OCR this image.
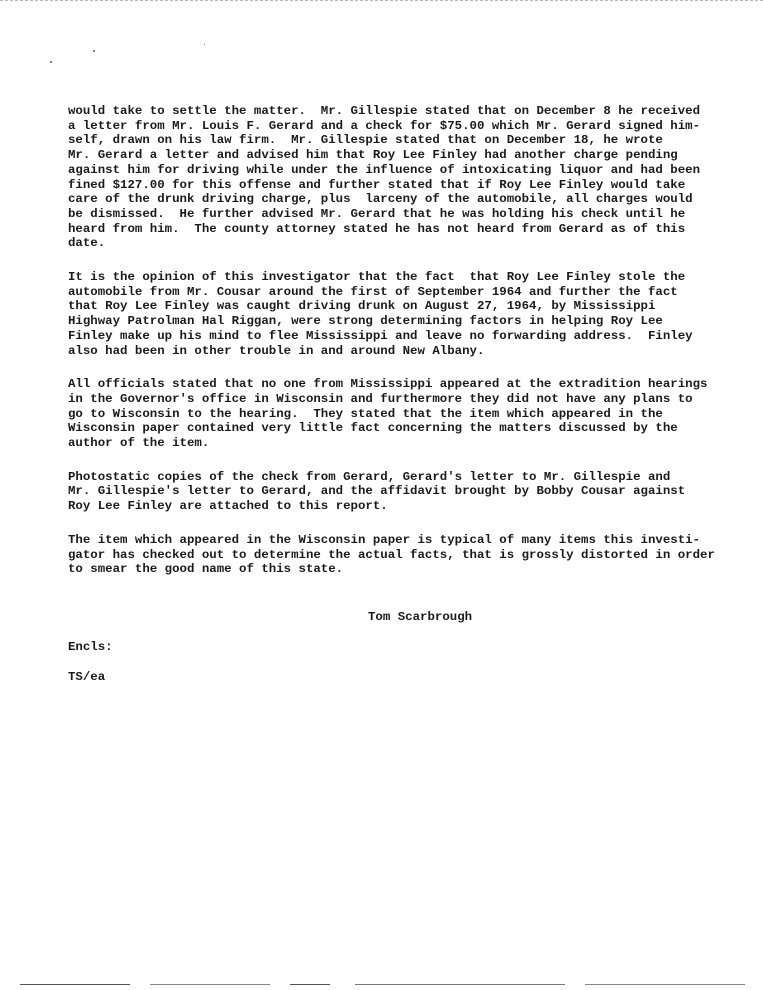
would take to settle the matter.  Mr. Gillespie stated that on December 8 he received
a letter from Mr. Louis F. Gerard and a check for $75.00 which Mr. Gerard signed him-
self, drawn on his law firm.  Mr. Gillespie stated that on December 18, he wrote
Mr. Gerard a letter and advised him that Roy Lee Finley had another charge pending
against him for driving while under the influence of intoxicating liquor and had been
fined $127.00 for this offense and further stated that if Roy Lee Finley would take
care of the drunk driving charge, plus  larceny of the automobile, all charges would
be dismissed.  He further advised Mr. Gerard that he was holding his check until he
heard from him.  The county attorney stated he has not heard from Gerard as of this
date.
It is the opinion of this investigator that the fact  that Roy Lee Finley stole the
automobile from Mr. Cousar around the first of September 1964 and further the fact
that Roy Lee Finley was caught driving drunk on August 27, 1964, by Mississippi
Highway Patrolman Hal Riggan, were strong determining factors in helping Roy Lee
Finley make up his mind to flee Mississippi and leave no forwarding address.  Finley
also had been in other trouble in and around New Albany.
All officials stated that no one from Mississippi appeared at the extradition hearings
in the Governor's office in Wisconsin and furthermore they did not have any plans to
go to Wisconsin to the hearing.  They stated that the item which appeared in the
Wisconsin paper contained very little fact concerning the matters discussed by the
author of the item.
Photostatic copies of the check from Gerard, Gerard's letter to Mr. Gillespie and
Mr. Gillespie's letter to Gerard, and the affidavit brought by Bobby Cousar against
Roy Lee Finley are attached to this report.
The item which appeared in the Wisconsin paper is typical of many items this investi-
gator has checked out to determine the actual facts, that is grossly distorted in order
to smear the good name of this state.
Tom Scarbrough
Encls:
TS/ea
